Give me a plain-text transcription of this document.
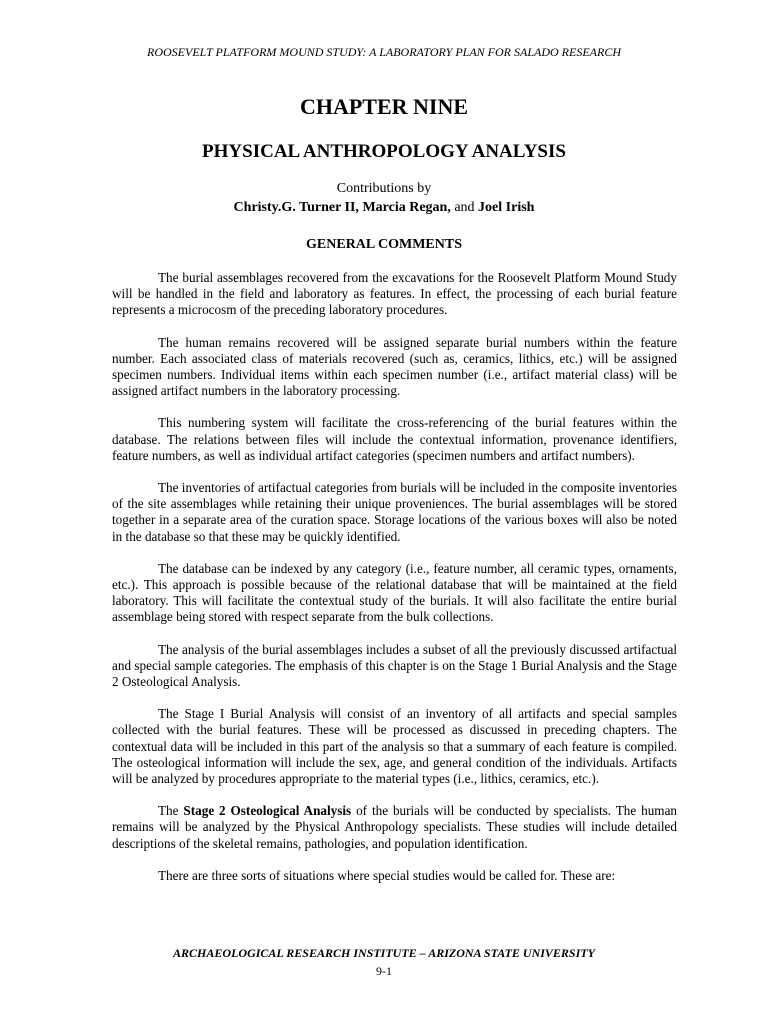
ROOSEVELT PLATFORM MOUND STUDY: A LABORATORY PLAN FOR SALADO RESEARCH
CHAPTER NINE
PHYSICAL ANTHROPOLOGY ANALYSIS
Contributions by
Christy.G. Turner II, Marcia Regan, and Joel Irish
GENERAL COMMENTS

The burial assemblages recovered from the excavations for the Roosevelt Platform Mound Study will be handled in the field and laboratory as features. In effect, the processing of each burial feature represents a microcosm of the preceding laboratory procedures.

The human remains recovered will be assigned separate burial numbers within the feature number. Each associated class of materials recovered (such as, ceramics, lithics, etc.) will be assigned specimen numbers. Individual items within each specimen number (i.e., artifact material class) will be assigned artifact numbers in the laboratory processing.

This numbering system will facilitate the cross-referencing of the burial features within the database. The relations between files will include the contextual information, provenance identifiers, feature numbers, as well as individual artifact categories (specimen numbers and artifact numbers).

The inventories of artifactual categories from burials will be included in the composite inventories of the site assemblages while retaining their unique proveniences. The burial assemblages will be stored together in a separate area of the curation space. Storage locations of the various boxes will also be noted in the database so that these may be quickly identified.

The database can be indexed by any category (i.e., feature number, all ceramic types, ornaments, etc.). This approach is possible because of the relational database that will be maintained at the field laboratory. This will facilitate the contextual study of the burials. It will also facilitate the entire burial assemblage being stored with respect separate from the bulk collections.

The analysis of the burial assemblages includes a subset of all the previously discussed artifactual and special sample categories. The emphasis of this chapter is on the Stage 1 Burial Analysis and the Stage 2 Osteological Analysis.

The Stage I Burial Analysis will consist of an inventory of all artifacts and special samples collected with the burial features. These will be processed as discussed in preceding chapters. The contextual data will be included in this part of the analysis so that a summary of each feature is compiled. The osteological information will include the sex, age, and general condition of the individuals. Artifacts will be analyzed by procedures appropriate to the material types (i.e., lithics, ceramics, etc.).

The Stage 2 Osteological Analysis of the burials will be conducted by specialists. The human remains will be analyzed by the Physical Anthropology specialists. These studies will include detailed descriptions of the skeletal remains, pathologies, and population identification.

There are three sorts of situations where special studies would be called for. These are:

ARCHAEOLOGICAL RESEARCH INSTITUTE – ARIZONA STATE UNIVERSITY
9-1
